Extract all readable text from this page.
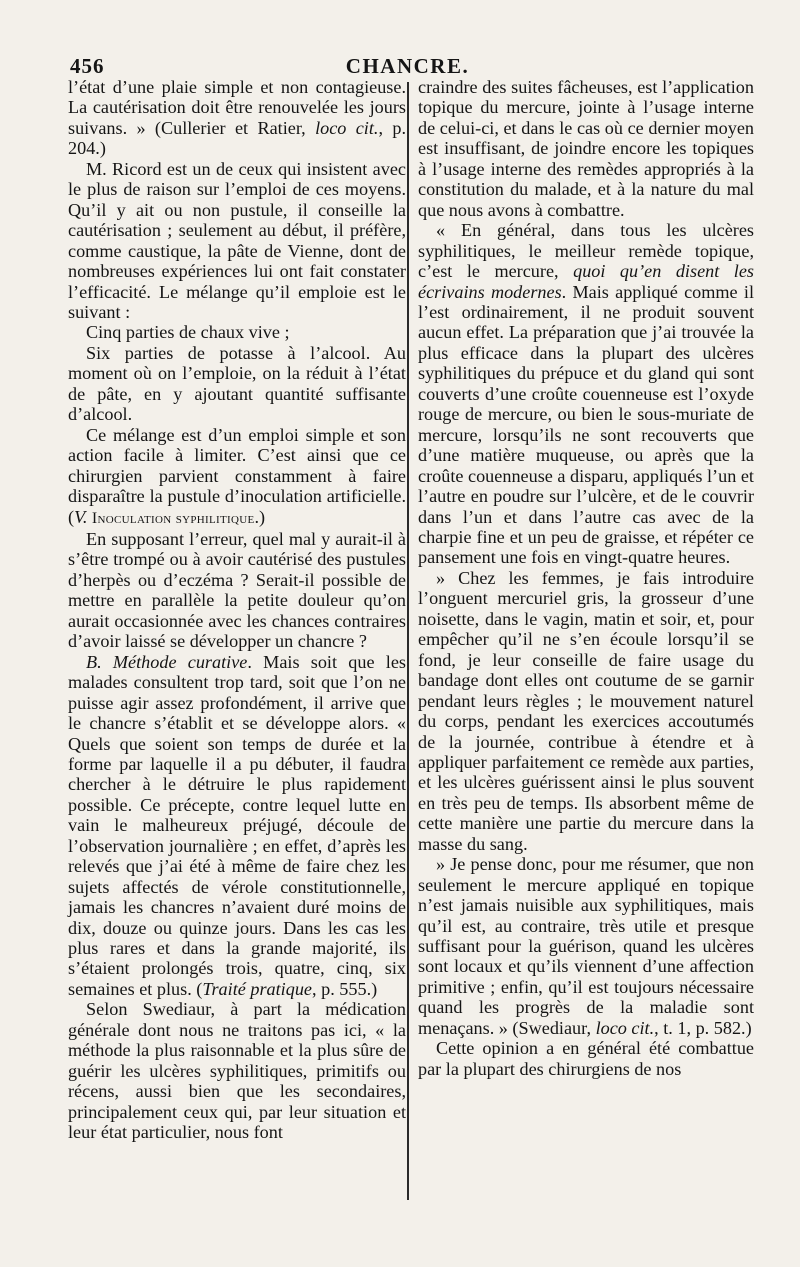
456	CHANCRE.

l’état d’une plaie simple et non contagieuse. La cautérisation doit être renouvelée les jours suivans. » (Cullerier et Ratier, loco cit., p. 204.)

M. Ricord est un de ceux qui insistent avec le plus de raison sur l’emploi de ces moyens. Qu’il y ait ou non pustule, il conseille la cautérisation ; seulement au début, il préfère, comme caustique, la pâte de Vienne, dont de nombreuses expériences lui ont fait constater l’efficacité. Le mélange qu’il emploie est le suivant :

Cinq parties de chaux vive ;

Six parties de potasse à l’alcool. Au moment où on l’emploie, on la réduit à l’état de pâte, en y ajoutant quantité suffisante d’alcool.

Ce mélange est d’un emploi simple et son action facile à limiter. C’est ainsi que ce chirurgien parvient constamment à faire disparaître la pustule d’inoculation artificielle. (V. Inoculation syphilitique.)

En supposant l’erreur, quel mal y aurait-il à s’être trompé ou à avoir cautérisé des pustules d’herpès ou d’eczéma ? Serait-il possible de mettre en parallèle la petite douleur qu’on aurait occasionnée avec les chances contraires d’avoir laissé se développer un chancre ?

B. Méthode curative. Mais soit que les malades consultent trop tard, soit que l’on ne puisse agir assez profondément, il arrive que le chancre s’établit et se développe alors. « Quels que soient son temps de durée et la forme par laquelle il a pu débuter, il faudra chercher à le détruire le plus rapidement possible. Ce précepte, contre lequel lutte en vain le malheureux préjugé, découle de l’observation journalière ; en effet, d’après les relevés que j’ai été à même de faire chez les sujets affectés de vérole constitutionnelle, jamais les chancres n’avaient duré moins de dix, douze ou quinze jours. Dans les cas les plus rares et dans la grande majorité, ils s’étaient prolongés trois, quatre, cinq, six semaines et plus. (Traité pratique, p. 555.)

Selon Swediaur, à part la médication générale dont nous ne traitons pas ici, « la méthode la plus raisonnable et la plus sûre de guérir les ulcères syphilitiques, primitifs ou récens, aussi bien que les secondaires, principalement ceux qui, par leur situation et leur état particulier, nous font

craindre des suites fâcheuses, est l’application topique du mercure, jointe à l’usage interne de celui-ci, et dans le cas où ce dernier moyen est insuffisant, de joindre encore les topiques à l’usage interne des remèdes appropriés à la constitution du malade, et à la nature du mal que nous avons à combattre.

« En général, dans tous les ulcères syphilitiques, le meilleur remède topique, c’est le mercure, quoi qu’en disent les écrivains modernes. Mais appliqué comme il l’est ordinairement, il ne produit souvent aucun effet. La préparation que j’ai trouvée la plus efficace dans la plupart des ulcères syphilitiques du prépuce et du gland qui sont couverts d’une croûte couenneuse est l’oxyde rouge de mercure, ou bien le sous-muriate de mercure, lorsqu’ils ne sont recouverts que d’une matière muqueuse, ou après que la croûte couenneuse a disparu, appliqués l’un et l’autre en poudre sur l’ulcère, et de le couvrir dans l’un et dans l’autre cas avec de la charpie fine et un peu de graisse, et répéter ce pansement une fois en vingt-quatre heures.

» Chez les femmes, je fais introduire l’onguent mercuriel gris, la grosseur d’une noisette, dans le vagin, matin et soir, et, pour empêcher qu’il ne s’en écoule lorsqu’il se fond, je leur conseille de faire usage du bandage dont elles ont coutume de se garnir pendant leurs règles ; le mouvement naturel du corps, pendant les exercices accoutumés de la journée, contribue à étendre et à appliquer parfaitement ce remède aux parties, et les ulcères guérissent ainsi le plus souvent en très peu de temps. Ils absorbent même de cette manière une partie du mercure dans la masse du sang.

» Je pense donc, pour me résumer, que non seulement le mercure appliqué en topique n’est jamais nuisible aux syphilitiques, mais qu’il est, au contraire, très utile et presque suffisant pour la guérison, quand les ulcères sont locaux et qu’ils viennent d’une affection primitive ; enfin, qu’il est toujours nécessaire quand les progrès de la maladie sont menaçans. » (Swediaur, loco cit., t. 1, p. 582.)

Cette opinion a en général été combattue par la plupart des chirurgiens de nos
